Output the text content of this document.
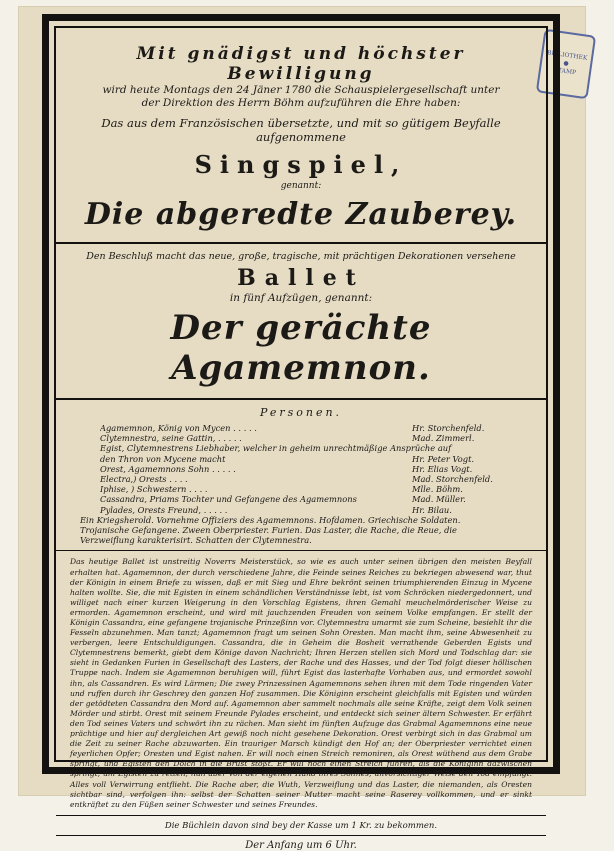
BIBLIOTHEK
●
STAMP
Mit gnädigst und höchster Bewilligung
wird heute Montags den 24 Jäner 1780 die Schauspielergesellschaft unter
der Direktion des Herrn Böhm aufzuführen die Ehre haben:
Das aus dem Französischen übersetzte, und mit so gütigem Beyfalle aufgenommene
Singspiel,
genannt:
Die abgeredte Zauberey.
Den Beschluß macht das neue, große, tragische, mit prächtigen Dekorationen versehene
Ballet
in fünf Aufzügen, genannt:
Der gerächte Agamemnon.
Personen.
Agamemnon, König von Mycen . . . . .	Hr. Storchenfeld.
Clytemnestra, seine Gattin, . . . . .	Mad. Zimmerl.
Egist, Clytemnestrens Liebhaber, welcher in geheim unrechtmäßige Ansprüche auf
den Thron von Mycene macht	Hr. Peter Vogt.
Orest, Agamemnons Sohn . . . . .	Hr. Elias Vogt.
Electra,) Orests . . . .	Mad. Storchenfeld.
Iphise, ) Schwestern . . . .	Mlle. Böhm.
Cassandra, Priams Tochter und Gefangene des Agamemnons	Mad. Müller.
Pylades, Orests Freund, . . . . .	Hr. Bilau.
Ein Kriegsherold. Vornehme Offiziers des Agamemnons. Hofdamen. Griechische Soldaten. Trojanische Gefangene. Zween Oberpriester. Furien. Das Laster, die Rache, die Reue, die Verzweiflung karakterisirt. Schatten der Clytemnestra.
Das heutige Ballet ist unstreitig Noverrs Meisterstück, so wie es auch unter seinen übrigen den meisten Beyfall erhalten hat. Agamemnon, der durch verschiedene Jahre, die Feinde seines Reiches zu bekriegen abwesend war, thut der Königin in einem Briefe zu wissen, daß er mit Sieg und Ehre bekrönt seinen triumphierenden Einzug in Mycene halten wollte. Sie, die mit Egisten in einem schändlichen Verständnisse lebt, ist vom Schröcken niedergedonnert, und williget nach einer kurzen Weigerung in den Vorschlag Egistens, ihren Gemahl meuchelmörderischer Weise zu ermorden. Agamemnon erscheint, und wird mit jauchzenden Freuden von seinem Volke empfangen. Er stellt der Königin Cassandra, eine gefangene trojanische Prinzeßinn vor. Clytemnestra umarmt sie zum Scheine, besiehlt ihr die Fesseln abzunehmen. Man tanzt; Agamemnon fragt um seinen Sohn Oresten. Man macht ihm, seine Abwesenheit zu verbergen, leere Entschuldigungen. Cassandra, die in Geheim die Bosheit verrathende Geberden Egists und Clytemnestrens bemerkt, giebt dem Könige davon Nachricht; Ihren Herzen stellen sich Mord und Todschlag dar: sie sieht in Gedanken Furien in Gesellschaft des Lasters, der Rache und des Hasses, und der Tod folgt dieser höllischen Truppe nach. Indem sie Agamemnon beruhigen will, führt Egist das lasterhafte Vorhaben aus, und ermordet sowohl ihn, als Cassandren. Es wird Lärmen; Die zwey Prinzessinen Agamemnons sehen ihren mit dem Tode ringenden Vater und ruffen durch ihr Geschrey den ganzen Hof zusammen. Die Königinn erscheint gleichfalls mit Egisten und würden der getödteten Cassandra den Mord auf. Agamemnon aber sammelt nochmals alle seine Kräfte, zeigt dem Volk seinen Mörder und stirbt. Orest mit seinem Freunde Pylades erscheint, und entdeckt sich seiner ältern Schwester. Er erfährt den Tod seines Vaters und schwört ihn zu rächen. Man sieht im fünften Aufzuge das Grabmal Agamemnons eine neue prächtige und hier auf dergleichen Art gewiß noch nicht gesehene Dekoration. Orest verbirgt sich in das Grabmal um die Zeit zu seiner Rache abzuwarten. Ein trauriger Marsch kündigt den Hof an; der Oberpriester verrichtet einen feyerlichen Opfer; Oresten und Egist nahen. Er will noch einen Streich remoniren, als Orest wüthend aus dem Grabe springt, und Egisten den Dolch in die Brust stößt. Er will noch einen Streich führen, als die Königinn dazwischen springt, um Egisten zu retten, nun aber von der eigenen Hand ihres Sohnes, unvorsichtiger Weise den Tod empfängt. Alles voll Verwirrung entflieht. Die Rache aber, die Wuth, Verzweiflung und das Laster, die niemanden, als Oresten sichtbar sind, verfolgen ihn: selbst der Schatten seiner Mutter macht seine Raserey vollkommen, und er sinkt entkräftet zu den Füßen seiner Schwester und seines Freundes.
Die Büchlein davon sind bey der Kasse um 1 Kr. zu bekommen.
Der Anfang um 6 Uhr.
